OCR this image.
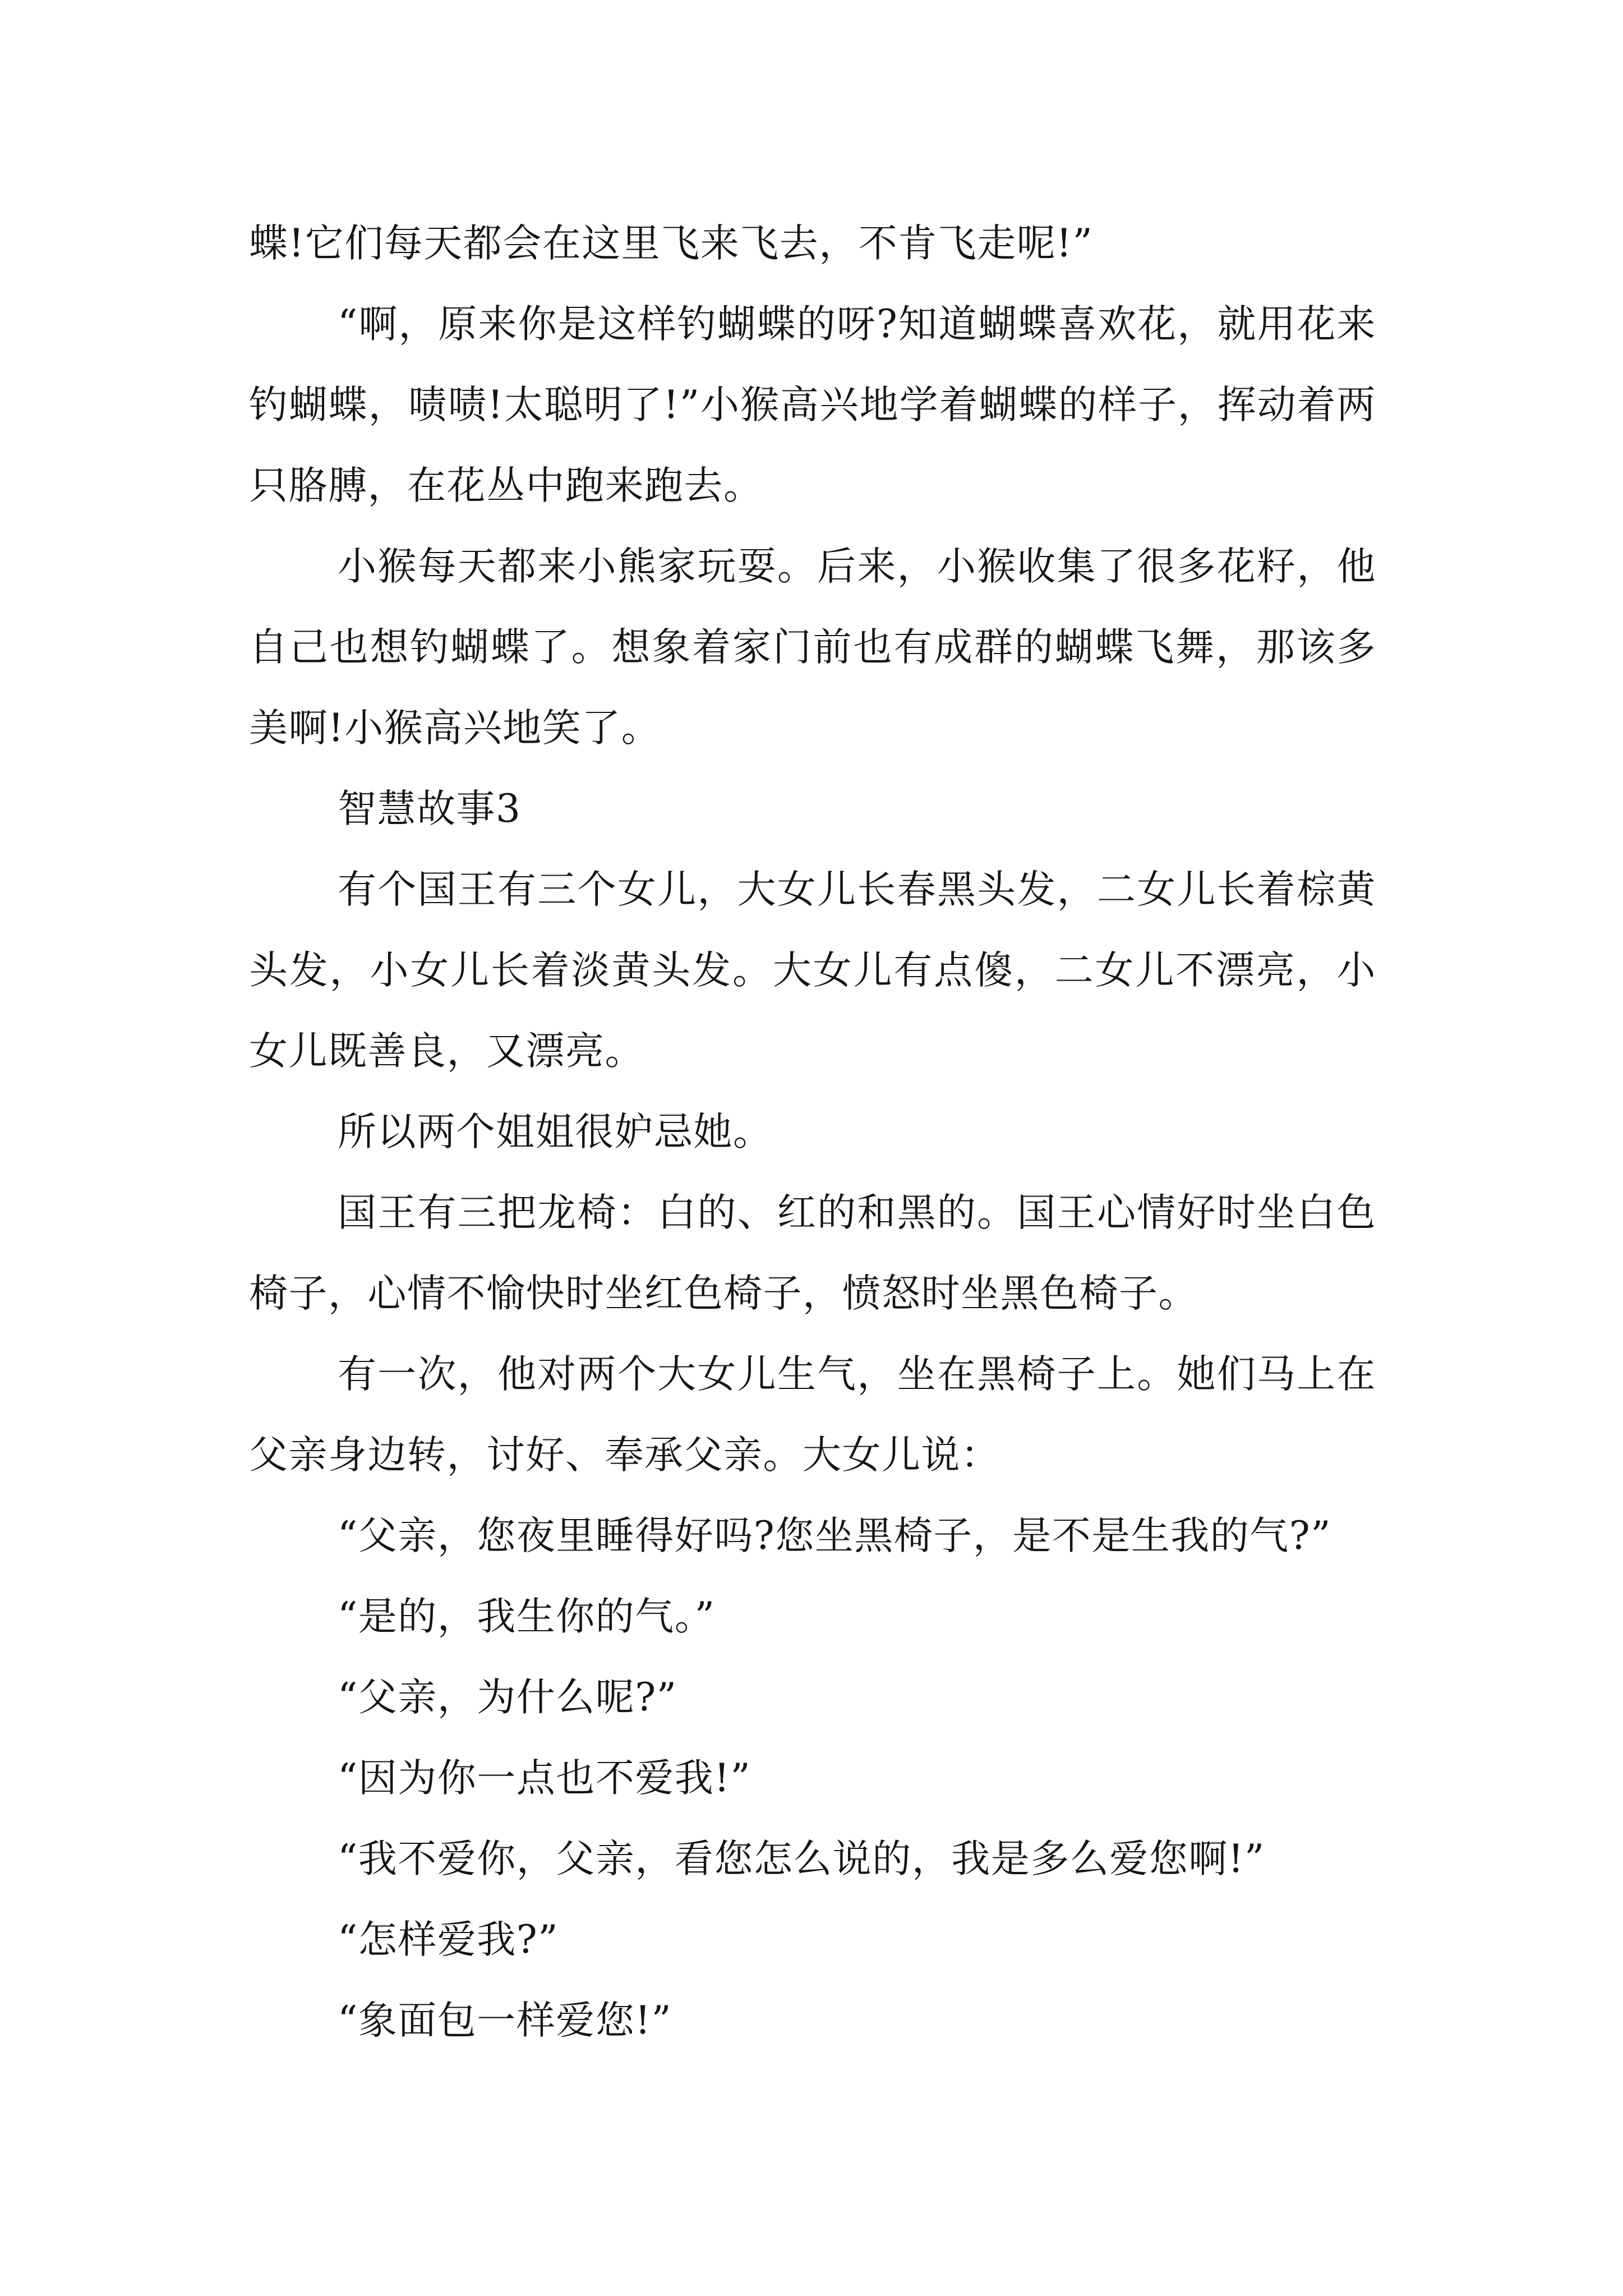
蝶!它们每天都会在这里飞来飞去，不肯飞走呢!”

“啊，原来你是这样钓蝴蝶的呀?知道蝴蝶喜欢花，就用花来钓蝴蝶，啧啧!太聪明了!”小猴高兴地学着蝴蝶的样子，挥动着两只胳膊，在花丛中跑来跑去。

小猴每天都来小熊家玩耍。后来，小猴收集了很多花籽，他自己也想钓蝴蝶了。想象着家门前也有成群的蝴蝶飞舞，那该多美啊!小猴高兴地笑了。

智慧故事3

有个国王有三个女儿，大女儿长春黑头发，二女儿长着棕黄头发，小女儿长着淡黄头发。大女儿有点傻，二女儿不漂亮，小女儿既善良，又漂亮。

所以两个姐姐很妒忌她。

国王有三把龙椅：白的、红的和黑的。国王心情好时坐白色椅子，心情不愉快时坐红色椅子，愤怒时坐黑色椅子。

有一次，他对两个大女儿生气，坐在黑椅子上。她们马上在父亲身边转，讨好、奉承父亲。大女儿说：

“父亲，您夜里睡得好吗?您坐黑椅子，是不是生我的气?”

“是的，我生你的气。”

“父亲，为什么呢?”

“因为你一点也不爱我!”

“我不爱你，父亲，看您怎么说的，我是多么爱您啊!”

“怎样爱我?”

“象面包一样爱您!”
